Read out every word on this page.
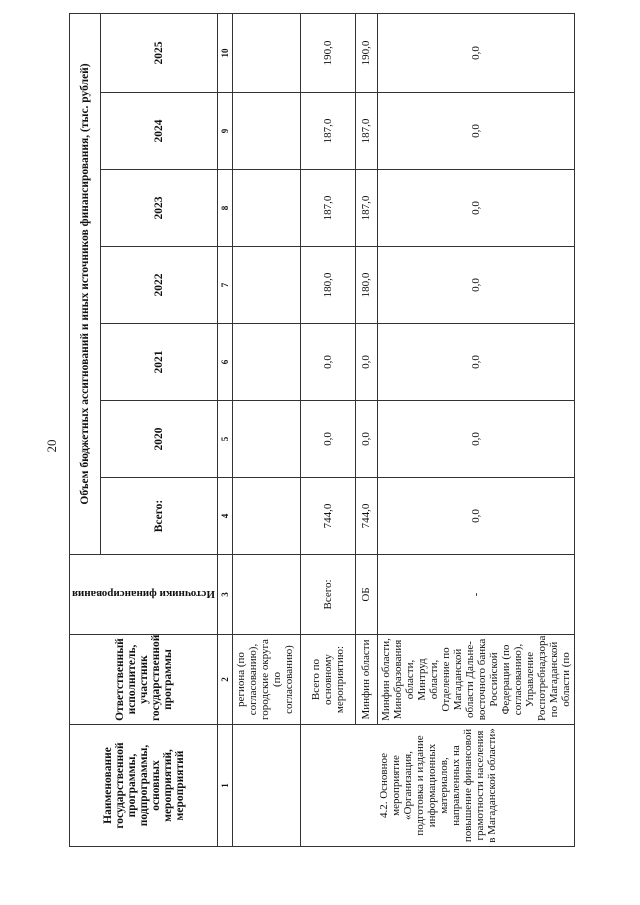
20
Наименование государственной программы, подпрограммы, основных мероприятий, мероприятий	Ответственный исполнитель, участник государственной программы	Источники финансирования	Объем бюджетных ассигнований и иных источников финансирования, (тыс. рублей)						
			Всего:	2020	2021	2022	2023	2024	2025
1	2	3	4	5	6	7	8	9	10
	региона (по согласованию), городские округа (по согласованию)								
4.2. Основное мероприятие «Организация, подготовка и издание информационных материалов, направленных на повышение финансовой грамотности населения в Магаданской области»	Всего по основному мероприятию:	Всего:	744,0	0,0	0,0	180,0	187,0	187,0	190,0
	Минфин области	ОБ	744,0	0,0	0,0	180,0	187,0	187,0	190,0
	Минфин области, Минобразования области, Минтруд области, Отделение по Магаданской области Дальне-восточного банка Российской Федерации (по согласованию), Управление Роспотребнадзора по Магаданской области (по	-	0,0	0,0	0,0	0,0	0,0	0,0	0,0
